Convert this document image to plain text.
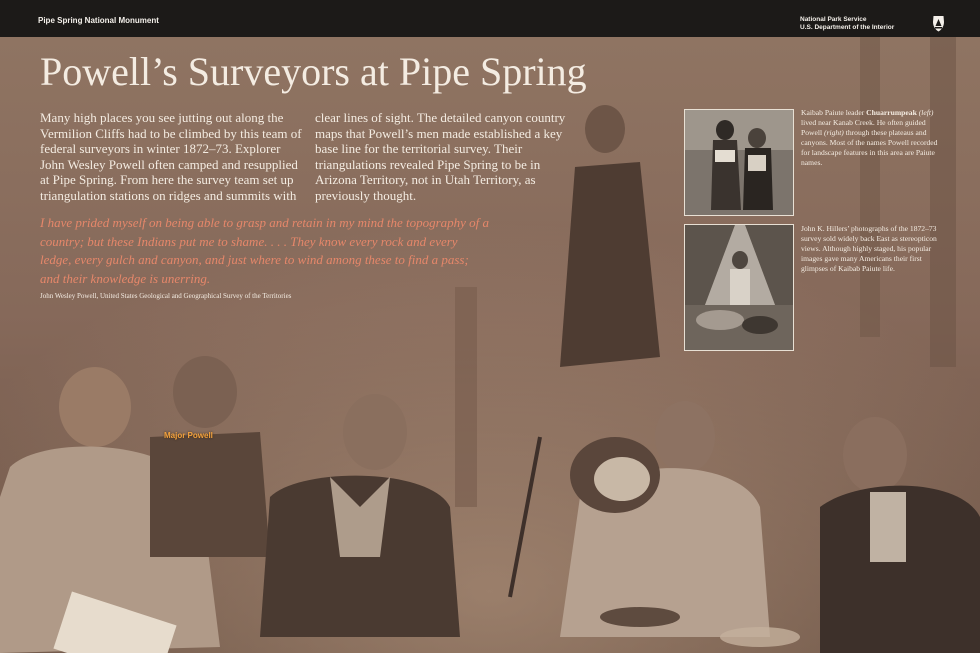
Pipe Spring National Monument	National Park Service
U.S. Department of the Interior
Powell’s Surveyors at Pipe Spring

Many high places you see jutting out along the Vermilion Cliffs had to be climbed by this team of federal surveyors in winter 1872–73. Explorer John Wesley Powell often camped and resupplied at Pipe Spring. From here the survey team set up triangulation stations on ridges and summits with clear lines of sight. The detailed canyon country maps that Powell’s men made established a key base line for the territorial survey. Their triangulations revealed Pipe Spring to be in Arizona Territory, not in Utah Territory, as previously thought.

I have prided myself on being able to grasp and retain in my mind the topography of a country; but these Indians put me to shame. . . . They know every rock and every ledge, every gulch and canyon, and just where to wind among these to find a pass; and their knowledge is unerring.

John Wesley Powell, United States Geological and Geographical Survey of the Territories

Kaibab Paiute leader Chuarrumpeak (left) lived near Kanab Creek. He often guided Powell (right) through these plateaus and canyons. Most of the names Powell recorded for landscape features in this area are Paiute names.

John K. Hillers’ photographs of the 1872–73 survey sold widely back East as stereopticon views. Although highly staged, his popular images gave many Americans their first glimpses of Kaibab Paiute life.

Major Powell
